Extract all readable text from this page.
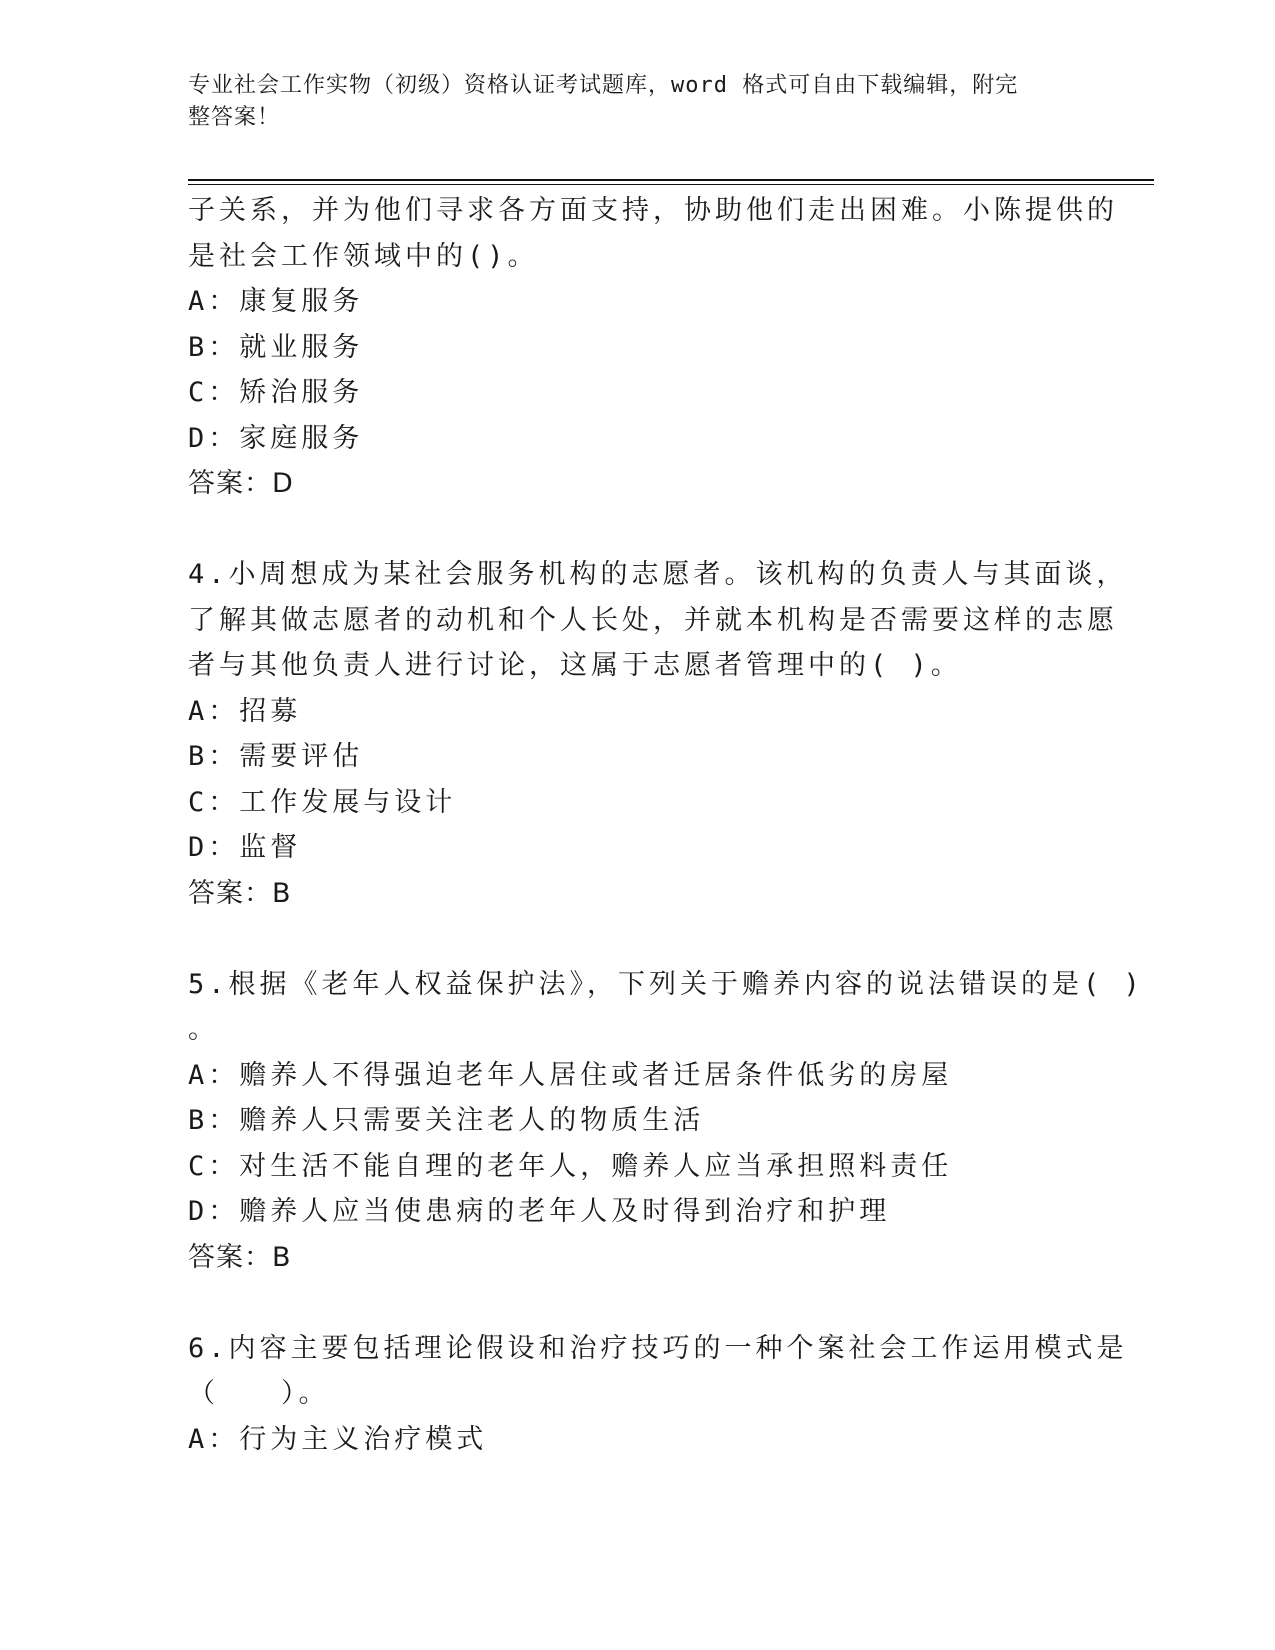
专业社会工作实物（初级）资格认证考试题库，word 格式可自由下载编辑，附完
整答案！
子关系，并为他们寻求各方面支持，协助他们走出困难。小陈提供的
是社会工作领域中的()。
A：康复服务
B：就业服务
C：矫治服务
D：家庭服务
答案：D
4.小周想成为某社会服务机构的志愿者。该机构的负责人与其面谈，
了解其做志愿者的动机和个人长处，并就本机构是否需要这样的志愿
者与其他负责人进行讨论，这属于志愿者管理中的( )。
A：招募
B：需要评估
C：工作发展与设计
D：监督
答案：B
5.根据《老年人权益保护法》，下列关于赡养内容的说法错误的是( )
。
A：赡养人不得强迫老年人居住或者迁居条件低劣的房屋
B：赡养人只需要关注老人的物质生活
C：对生活不能自理的老年人，赡养人应当承担照料责任
D：赡养人应当使患病的老年人及时得到治疗和护理
答案：B
6.内容主要包括理论假设和治疗技巧的一种个案社会工作运用模式是
（　　）。
A：行为主义治疗模式
